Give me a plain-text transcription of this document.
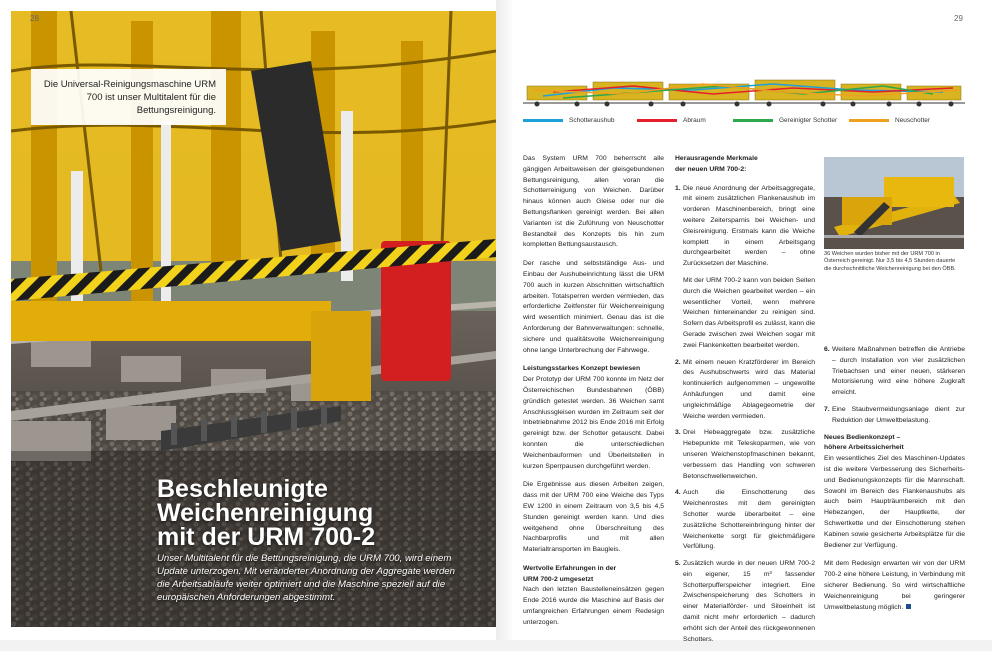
Die Universal-Reinigungsmaschine URM 700 ist unser Multitalent für die Bettungsreinigung.
Beschleunigte
Weichenreinigung
mit der URM 700-2
Unser Multitalent für die Bettungsreinigung, die URM 700, wird einem Update unterzogen. Mit veränderter Anordnung der Aggregate werden die Arbeitsabläufe weiter optimiert und die Maschine speziell auf die europäischen Anforderungen abgestimmt.
28	29
Schotteraushub	Abraum	Gereinigter Schotter	Neuschotter

Das System URM 700 beherrscht alle gängigen Arbeitsweisen der gleisgebundenen Bettungsreinigung, allen voran die Schotterreinigung von Weichen. Darüber hinaus können auch Gleise oder nur die Bettungsflanken gereinigt werden. Bei allen Varianten ist die Zuführung von Neuschotter Bestandteil des Konzepts bis hin zum kompletten Bettungsaustausch.

Der rasche und selbstständige Aus- und Einbau der Aushubeinrichtung lässt die URM 700 auch in kurzen Abschnitten wirtschaftlich arbeiten. Totalsperren werden vermieden, das erforderliche Zeitfenster für Weichenreinigung wird wesentlich minimiert. Genau das ist die Anforderung der Bahnverwaltungen: schnelle, sichere und qualitätsvolle Weichenreinigung ohne lange Unterbrechung der Fahrwege.

Leistungsstarkes Konzept bewiesen

Der Prototyp der URM 700 konnte im Netz der Österreichischen Bundesbahnen (ÖBB) gründlich getestet werden. 36 Weichen samt Anschlussgleisen wurden im Zeitraum seit der Inbetriebnahme 2012 bis Ende 2016 mit Erfolg gereinigt bzw. der Schotter getauscht. Dabei konnten die unterschiedlichen Weichenbauformen und Überleitstellen in kurzen Sperrpausen durchgeführt werden.

Die Ergebnisse aus diesen Arbeiten zeigen, dass mit der URM 700 eine Weiche des Typs EW 1200 in einem Zeitraum von 3,5 bis 4,5 Stunden gereinigt werden kann. Und dies weitgehend ohne Überschreitung des Nachbarprofils und mit allen Materialtransporten im Baugleis.

Wertvolle Erfahrungen in der
URM 700-2 umgesetzt

Nach den letzten Baustelleneinsätzen gegen Ende 2016 wurde die Maschine auf Basis der umfangreichen Erfahrungen einem Redesign unterzogen.

Herausragende Merkmale
der neuen URM 700-2:
1. Die neue Anordnung der Arbeitsaggregate, mit einem zusätzlichen Flankenaushub im vorderen Maschinenbereich, bringt eine weitere Zeitersparnis bei Weichen- und Gleisreinigung. Erstmals kann die Weiche komplett in einem Arbeitsgang durchgearbeitet werden – ohne Zurücksetzen der Maschine.
Mit der URM 700-2 kann von beiden Seiten durch die Weichen gearbeitet werden – ein wesentlicher Vorteil, wenn mehrere Weichen hintereinander zu reinigen sind. Sofern das Arbeitsprofil es zulässt, kann die Gerade zwischen zwei Weichen sogar mit zwei Flankenketten bearbeitet werden.
2. Mit einem neuen Kratzförderer im Bereich des Aushubschwerts wird das Material kontinuierlich aufgenommen – ungewollte Anhäufungen und damit eine ungleichmäßige Ablagegeometrie der Weiche werden vermieden.
3. Drei Hebeaggregate bzw. zusätzliche Hebepunkte mit Teleskoparmen, wie von unseren Weichenstopfmaschinen bekannt, verbessern das Handling von schweren Betonschwellenweichen.
4. Auch die Einschotterung des Weichenrostes mit dem gereinigten Schotter wurde überarbeitet – eine zusätzliche Schottereinbringung hinter der Weichenkette sorgt für gleichmäßigere Verfüllung.
5. Zusätzlich wurde in der neuen URM 700-2 ein eigener, 15 m³ fassender Schotterpufferspeicher integriert. Eine Zwischenspeicherung des Schotters in einer Materialförder- und Siloeinheit ist damit nicht mehr erforderlich – dadurch erhöht sich der Anteil des rückgewonnenen Schotters.
36 Weichen wurden bisher mit der URM 700 in Österreich gereinigt. Nur 3,5 bis 4,5 Stunden dauerte die durchschnittliche Weichenreinigung bei den ÖBB.
6. Weitere Maßnahmen betreffen die Antriebe – durch Installation von vier zusätzlichen Triebachsen und einer neuen, stärkeren Motorisierung wird eine höhere Zugkraft erreicht.
7. Eine Staubvermeidungsanlage dient zur Reduktion der Umweltbelastung.
Neues Bedienkonzept –
höhere Arbeitssicherheit

Ein wesentliches Ziel des Maschinen-Updates ist die weitere Verbesserung des Sicherheits- und Bedienungskonzepts für die Mannschaft. Sowohl im Bereich des Flankenaushubs als auch beim Haupträumbereich mit den Hebezangen, der Hauptkette, der Schwertkette und der Einschotterung stehen Kabinen sowie gesicherte Arbeitsplätze für die Bediener zur Verfügung.

Mit dem Redesign erwarten wir von der URM 700-2 eine höhere Leistung, in Verbindung mit sicherer Bedienung. So wird wirtschaftliche Weichenreinigung bei geringerer Umweltbelastung möglich.
